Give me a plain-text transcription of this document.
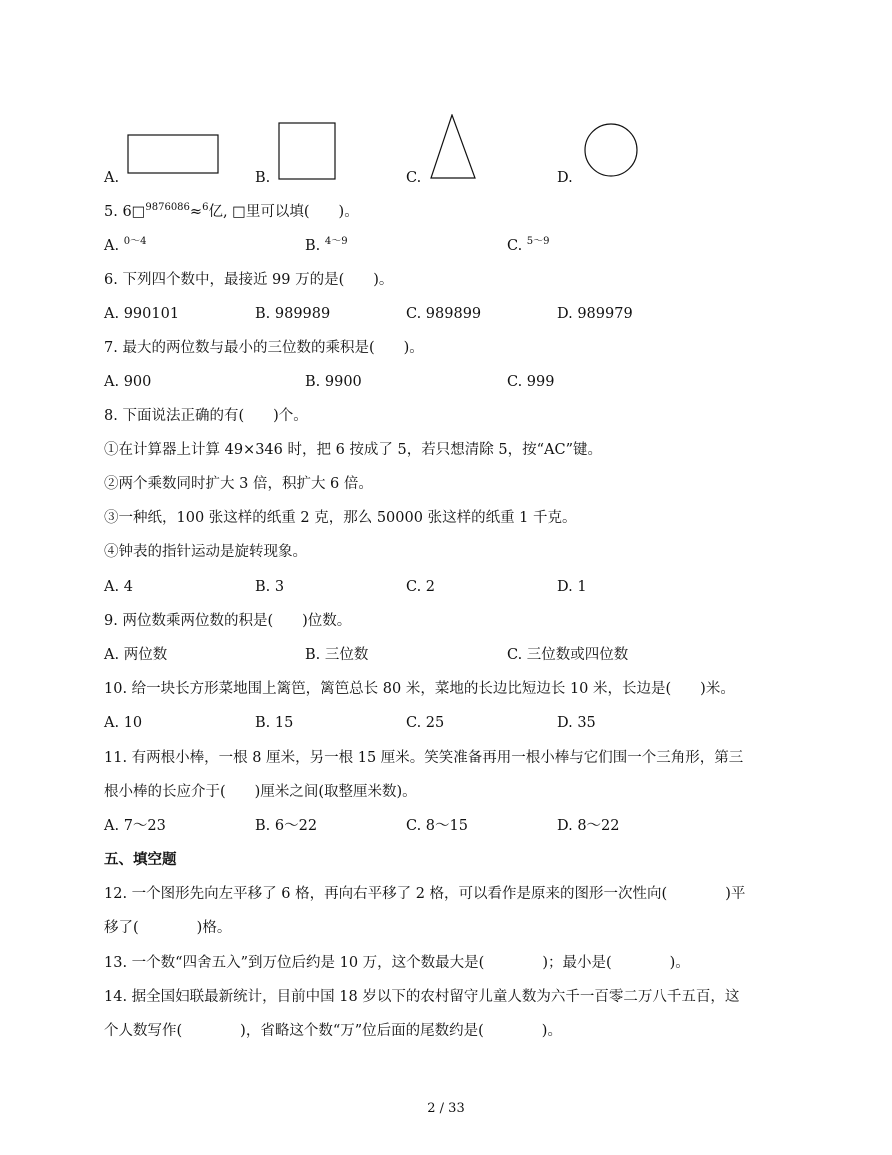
A.	B.	C.	D.
5. 6□$^{9876086}$≈$^6$亿, □里可以填(　　)。
A. $^{0\sim 4}$	B. $^{4\sim 9}$	C. $^{5\sim 9}$
6. 下列四个数中，最接近 99 万的是(　　)。
A. 990101	B. 989989	C. 989899	D. 989979
7. 最大的两位数与最小的三位数的乘积是(　　)。
A. 900	B. 9900	C. 999
8. 下面说法正确的有(　　)个。
①在计算器上计算 49×346 时，把 6 按成了 5，若只想清除 5，按“AC”键。
②两个乘数同时扩大 3 倍，积扩大 6 倍。
③一种纸，100 张这样的纸重 2 克，那么 50000 张这样的纸重 1 千克。
④钟表的指针运动是旋转现象。
A. 4	B. 3	C. 2	D. 1
9. 两位数乘两位数的积是(　　)位数。
A. 两位数	B. 三位数	C. 三位数或四位数
10. 给一块长方形菜地围上篱笆，篱笆总长 80 米，菜地的长边比短边长 10 米，长边是(　　)米。
A. 10	B. 15	C. 25	D. 35
11. 有两根小棒，一根 8 厘米，另一根 15 厘米。笑笑准备再用一根小棒与它们围一个三角形，第三
根小棒的长应介于(　　)厘米之间(取整厘米数)。
A. 7～23	B. 6～22	C. 8～15	D. 8～22
五、填空题
12. 一个图形先向左平移了 6 格，再向右平移了 2 格，可以看作是原来的图形一次性向(　　　　)平
移了(　　　　)格。
13. 一个数“四舍五入”到万位后约是 10 万，这个数最大是(　　　　)；最小是(　　　　)。
14. 据全国妇联最新统计，目前中国 18 岁以下的农村留守儿童人数为六千一百零二万八千五百，这
个人数写作(　　　　)，省略这个数“万”位后面的尾数约是(　　　　)。
2 / 33
